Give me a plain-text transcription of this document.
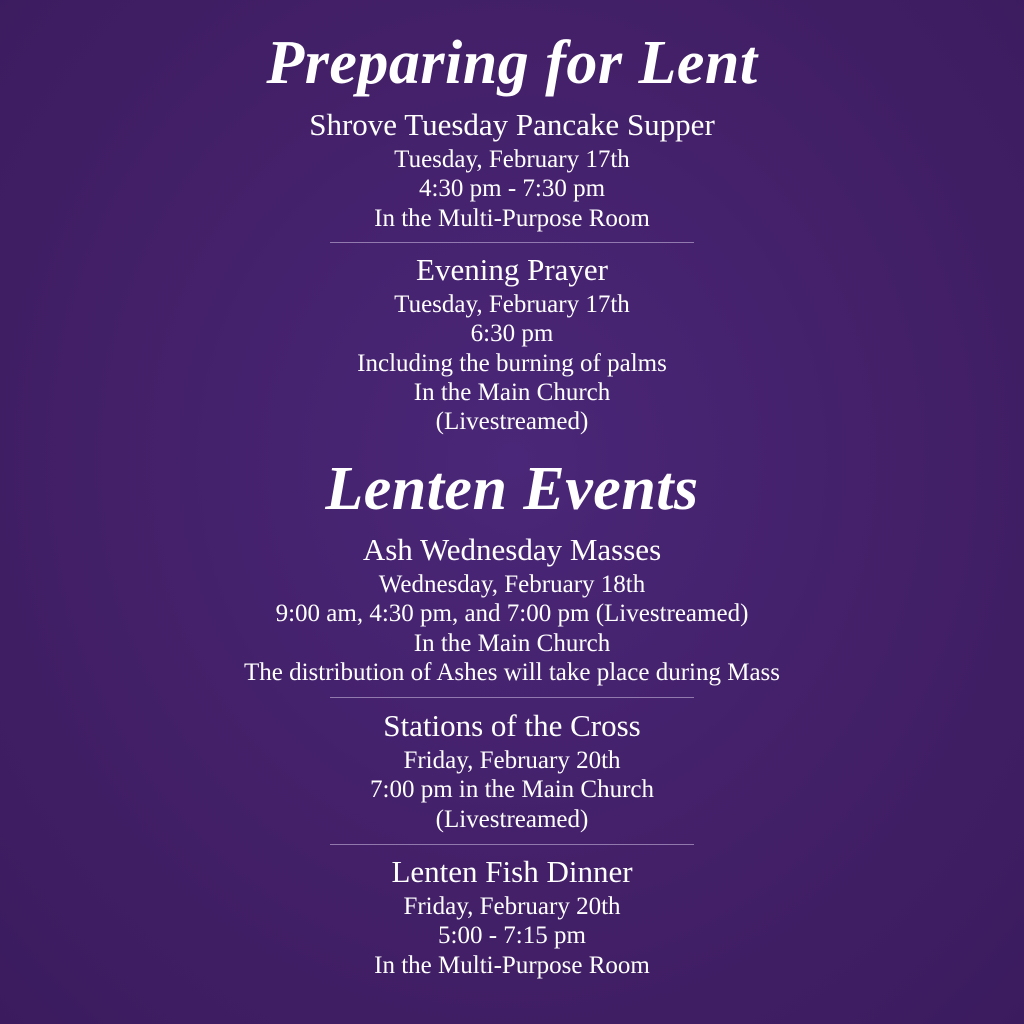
Preparing for Lent
Shrove Tuesday Pancake Supper

Tuesday, February 17th

4:30 pm - 7:30 pm

In the Multi-Purpose Room

Evening Prayer

Tuesday, February 17th

6:30 pm

Including the burning of palms

In the Main Church

(Livestreamed)

Lenten Events
Ash Wednesday Masses

Wednesday, February 18th

9:00 am, 4:30 pm, and 7:00 pm (Livestreamed)

In the Main Church

The distribution of Ashes will take place during Mass

Stations of the Cross

Friday, February 20th

7:00 pm in the Main Church

(Livestreamed)

Lenten Fish Dinner

Friday, February 20th

5:00 - 7:15 pm

In the Multi-Purpose Room
